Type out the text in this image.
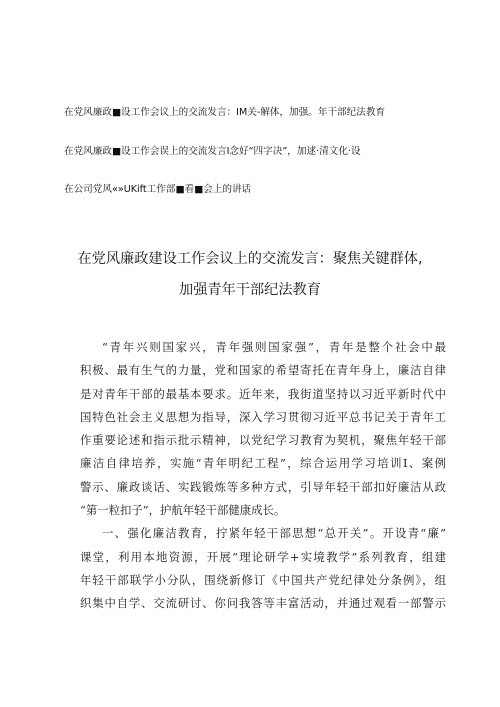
在党风廉政■设工作会议上的交流发言：IM关-解体，加强。年干部纪法教育
在党风廉政■设工作会误上的交流发言I念好“四字决”，加逑·清文化·设
在公司党风«»UKift工作部■看■会上的讲话
在党风廉政建设工作会议上的交流发言：聚焦关键群体,
加强青年干部纪法教育
“青年兴则国家兴，青年强则国家强”，青年是整个社会中最
积极、最有生气的力量，党和国家的希望寄托在青年身上，廉洁自律
是对青年干部的最基本要求。近年来，我街道坚持以习近平新时代中
国特色社会主义思想为指导，深入学习贯彻习近平总书记关于青年工
作重要论述和指示批示精神，以党纪学习教育为契机，聚焦年轻干部
廉洁自律培养，实施“青年明纪工程”，综合运用学习培训I、案例
警示、廉政谈话、实践锻炼等多种方式，引导年轻干部扣好廉洁从政
“第一粒扣子”，护航年轻干部健康成长。
一、强化廉洁教育，拧紧年轻干部思想“总开关”。开设青“廉”
课堂，利用本地资源，开展“理论研学+实境教学”系列教育，组建
年轻干部联学小分队，围绕新修订《中国共产党纪律处分条例》，组
织集中自学、交流研讨、你问我答等丰富活动，并通过观看一部警示
